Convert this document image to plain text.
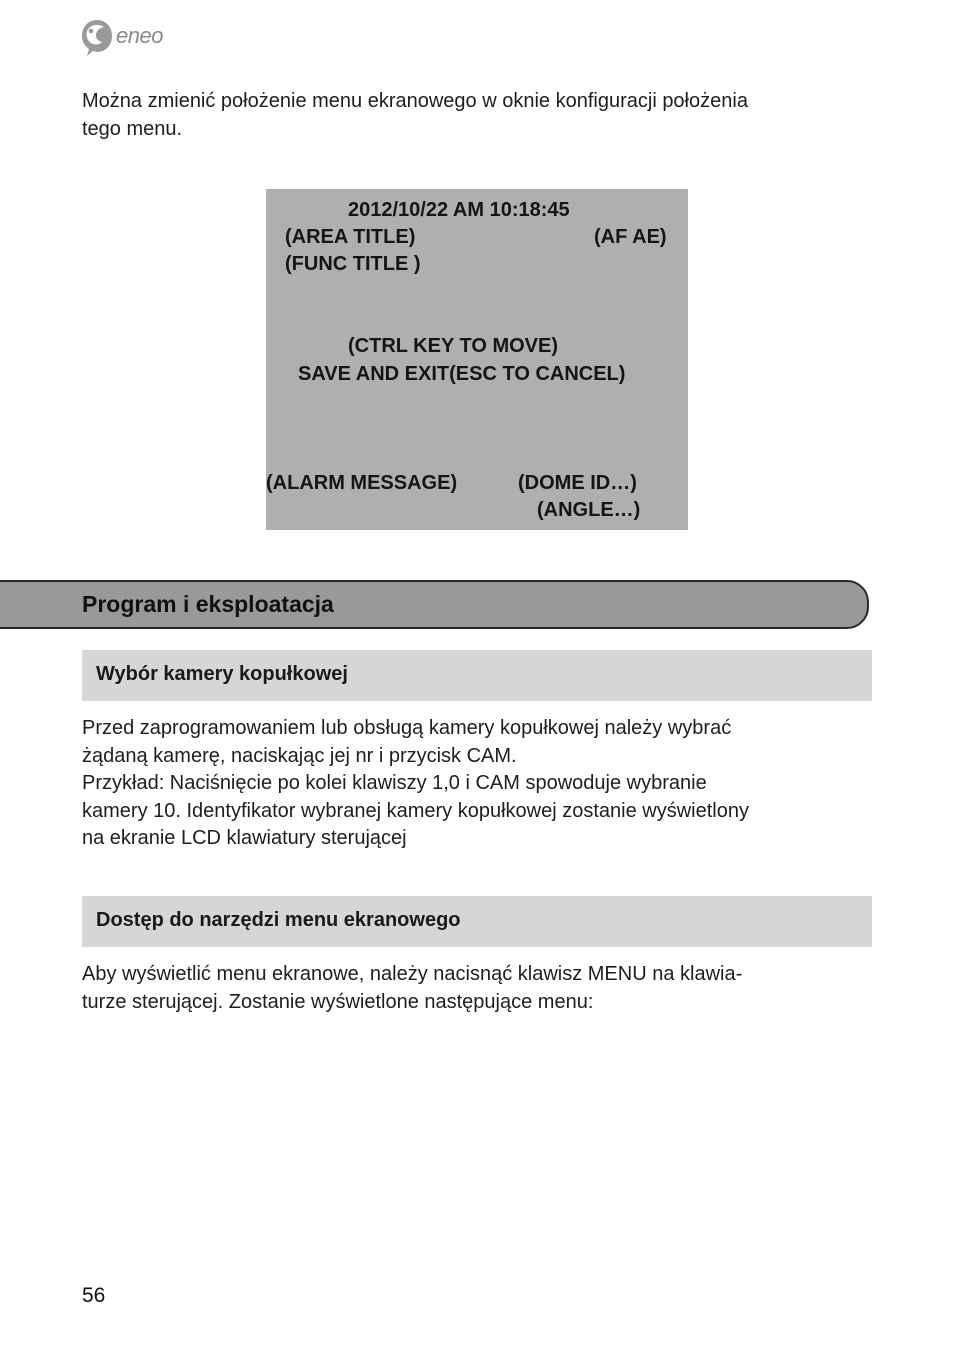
eneo

Można zmienić położenie menu ekranowego w oknie konfiguracji położenia
tego menu.

2012/10/22 AM 10:18:45
(AREA TITLE)	(AF AE)
(FUNC TITLE )
(CTRL KEY TO MOVE)
SAVE AND EXIT(ESC TO CANCEL)
(ALARM MESSAGE)	(DOME ID…)
(ANGLE…)
Program i eksploatacja
Wybór kamery kopułkowej

Przed zaprogramowaniem lub obsługą kamery kopułkowej należy wybrać
żądaną kamerę, naciskając jej nr i przycisk CAM.
Przykład: Naciśnięcie po kolei klawiszy 1,0 i CAM spowoduje wybranie
kamery 10. Identyfikator wybranej kamery kopułkowej zostanie wyświetlony
na ekranie LCD klawiatury sterującej

Dostęp do narzędzi menu ekranowego

Aby wyświetlić menu ekranowe, należy nacisnąć klawisz MENU na klawia-
turze sterującej. Zostanie wyświetlone następujące menu:

56
